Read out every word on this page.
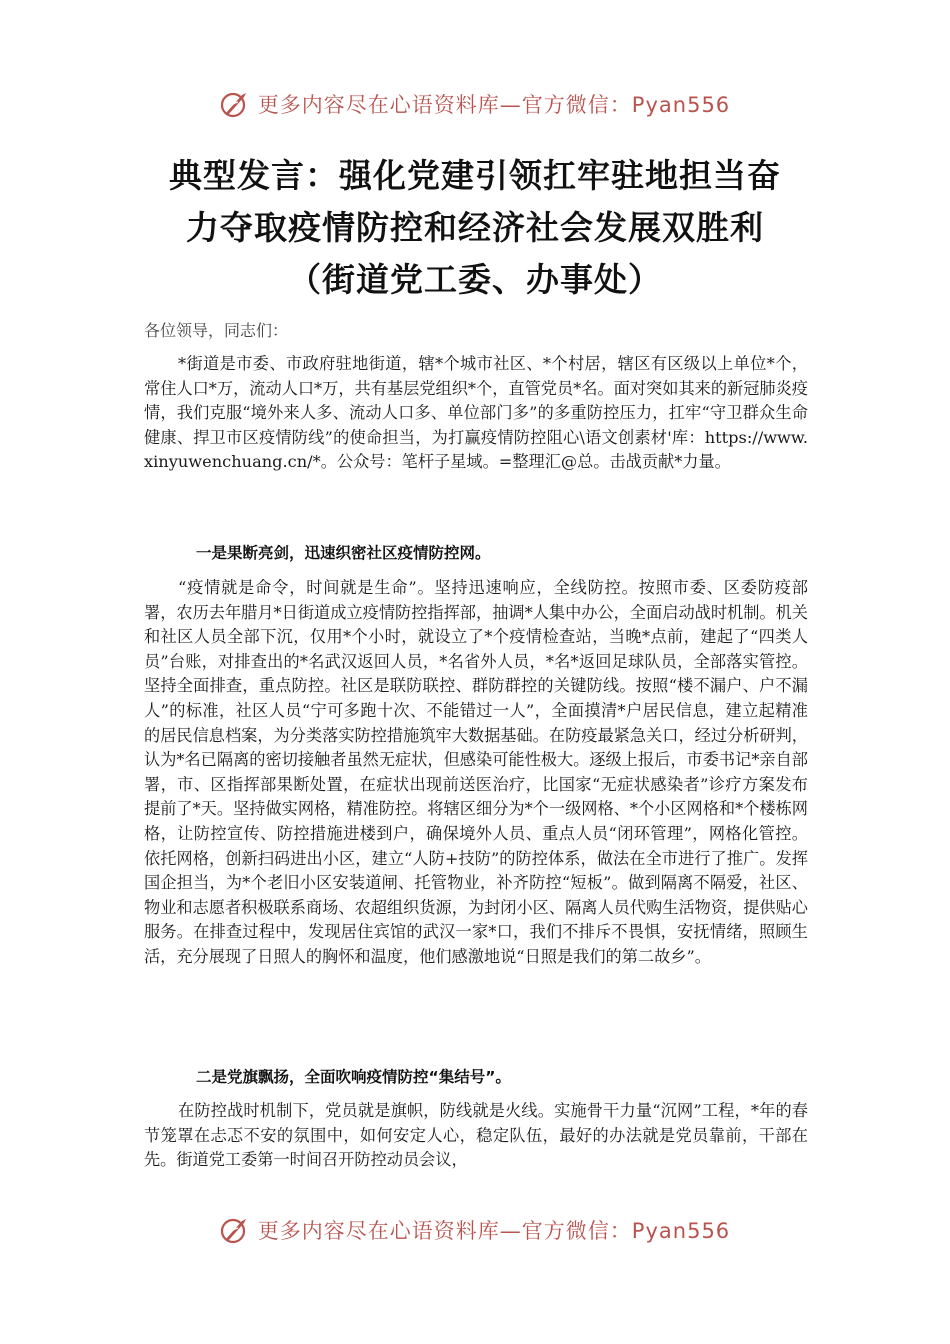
更多内容尽在心语资料库—官方微信：Pyan556
典型发言：强化党建引领扛牢驻地担当奋
力夺取疫情防控和经济社会发展双胜利
（街道党工委、办事处）
各位领导，同志们：

*街道是市委、市政府驻地街道，辖*个城市社区、*个村居，辖区有区级以上单位*个，常住人口*万，流动人口*万，共有基层党组织*个，直管党员*名。面对突如其来的新冠肺炎疫情，我们克服“境外来人多、流动人口多、单位部门多”的多重防控压力，扛牢“守卫群众生命健康、捍卫市区疫情防线”的使命担当，为打赢疫情防控阻心\语文创素材'库：https://www.xinyuwenchuang.cn/*。公众号：笔杆子星域。=整理汇@总。击战贡献*力量。

一是果断亮剑，迅速织密社区疫情防控网。

“疫情就是命令，时间就是生命”。坚持迅速响应，全线防控。按照市委、区委防疫部署，农历去年腊月*日街道成立疫情防控指挥部，抽调*人集中办公，全面启动战时机制。机关和社区人员全部下沉，仅用*个小时，就设立了*个疫情检查站，当晚*点前，建起了“四类人员”台账，对排查出的*名武汉返回人员，*名省外人员，*名*返回足球队员，全部落实管控。坚持全面排查，重点防控。社区是联防联控、群防群控的关键防线。按照“楼不漏户、户不漏人”的标准，社区人员“宁可多跑十次、不能错过一人”，全面摸清*户居民信息，建立起精准的居民信息档案，为分类落实防控措施筑牢大数据基础。在防疫最紧急关口，经过分析研判，认为*名已隔离的密切接触者虽然无症状，但感染可能性极大。逐级上报后，市委书记*亲自部署，市、区指挥部果断处置，在症状出现前送医治疗，比国家“无症状感染者”诊疗方案发布提前了*天。坚持做实网格，精准防控。将辖区细分为*个一级网格、*个小区网格和*个楼栋网格，让防控宣传、防控措施进楼到户，确保境外人员、重点人员“闭环管理”，网格化管控。依托网格，创新扫码进出小区，建立“人防+技防”的防控体系，做法在全市进行了推广。发挥国企担当，为*个老旧小区安装道闸、托管物业，补齐防控“短板”。做到隔离不隔爱，社区、物业和志愿者积极联系商场、农超组织货源，为封闭小区、隔离人员代购生活物资，提供贴心服务。在排查过程中，发现居住宾馆的武汉一家*口，我们不排斥不畏惧，安抚情绪，照顾生活，充分展现了日照人的胸怀和温度，他们感激地说“日照是我们的第二故乡”。

二是党旗飘扬，全面吹响疫情防控“集结号”。

在防控战时机制下，党员就是旗帜，防线就是火线。实施骨干力量“沉网”工程，*年的春节笼罩在忐忑不安的氛围中，如何安定人心，稳定队伍，最好的办法就是党员靠前，干部在先。街道党工委第一时间召开防控动员会议，

更多内容尽在心语资料库—官方微信：Pyan556
